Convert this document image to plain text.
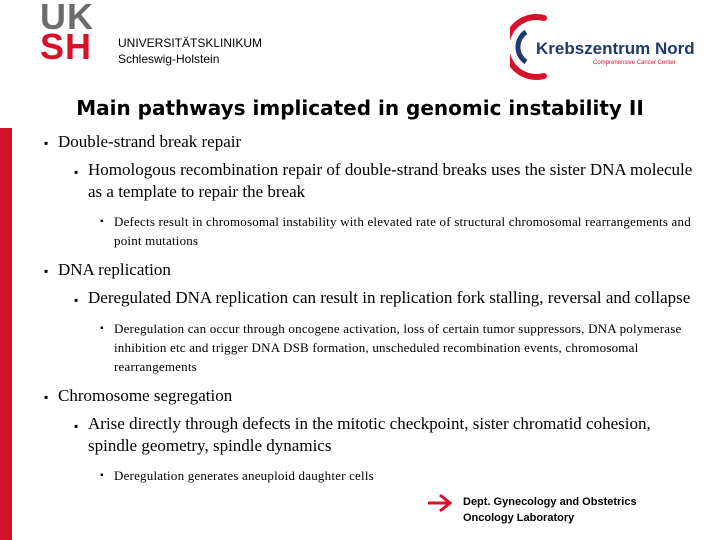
UK
SH	UNIVERSITÄTSKLINIKUM
Schleswig-Holstein
Krebszentrum Nord
Comprehensive Cancer Center
Main pathways implicated in genomic instability II
▪ Double-strand break repair
▪ Homologous recombination repair of double-strand breaks uses the sister DNA molecule as a template to repair the break
▪ Defects result in chromosomal instability with elevated rate of structural chromosomal rearrangements and point mutations
▪ DNA replication
▪ Deregulated DNA replication can result in replication fork stalling, reversal and collapse
▪ Deregulation can occur through oncogene activation, loss of certain tumor suppressors, DNA polymerase inhibition etc and trigger DNA DSB formation, unscheduled recombination events, chromosomal rearrangements
▪ Chromosome segregation
▪ Arise directly through defects in the mitotic checkpoint, sister chromatid cohesion, spindle geometry, spindle dynamics
▪ Deregulation generates aneuploid daughter cells
Dept. Gynecology and Obstetrics
Oncology Laboratory
